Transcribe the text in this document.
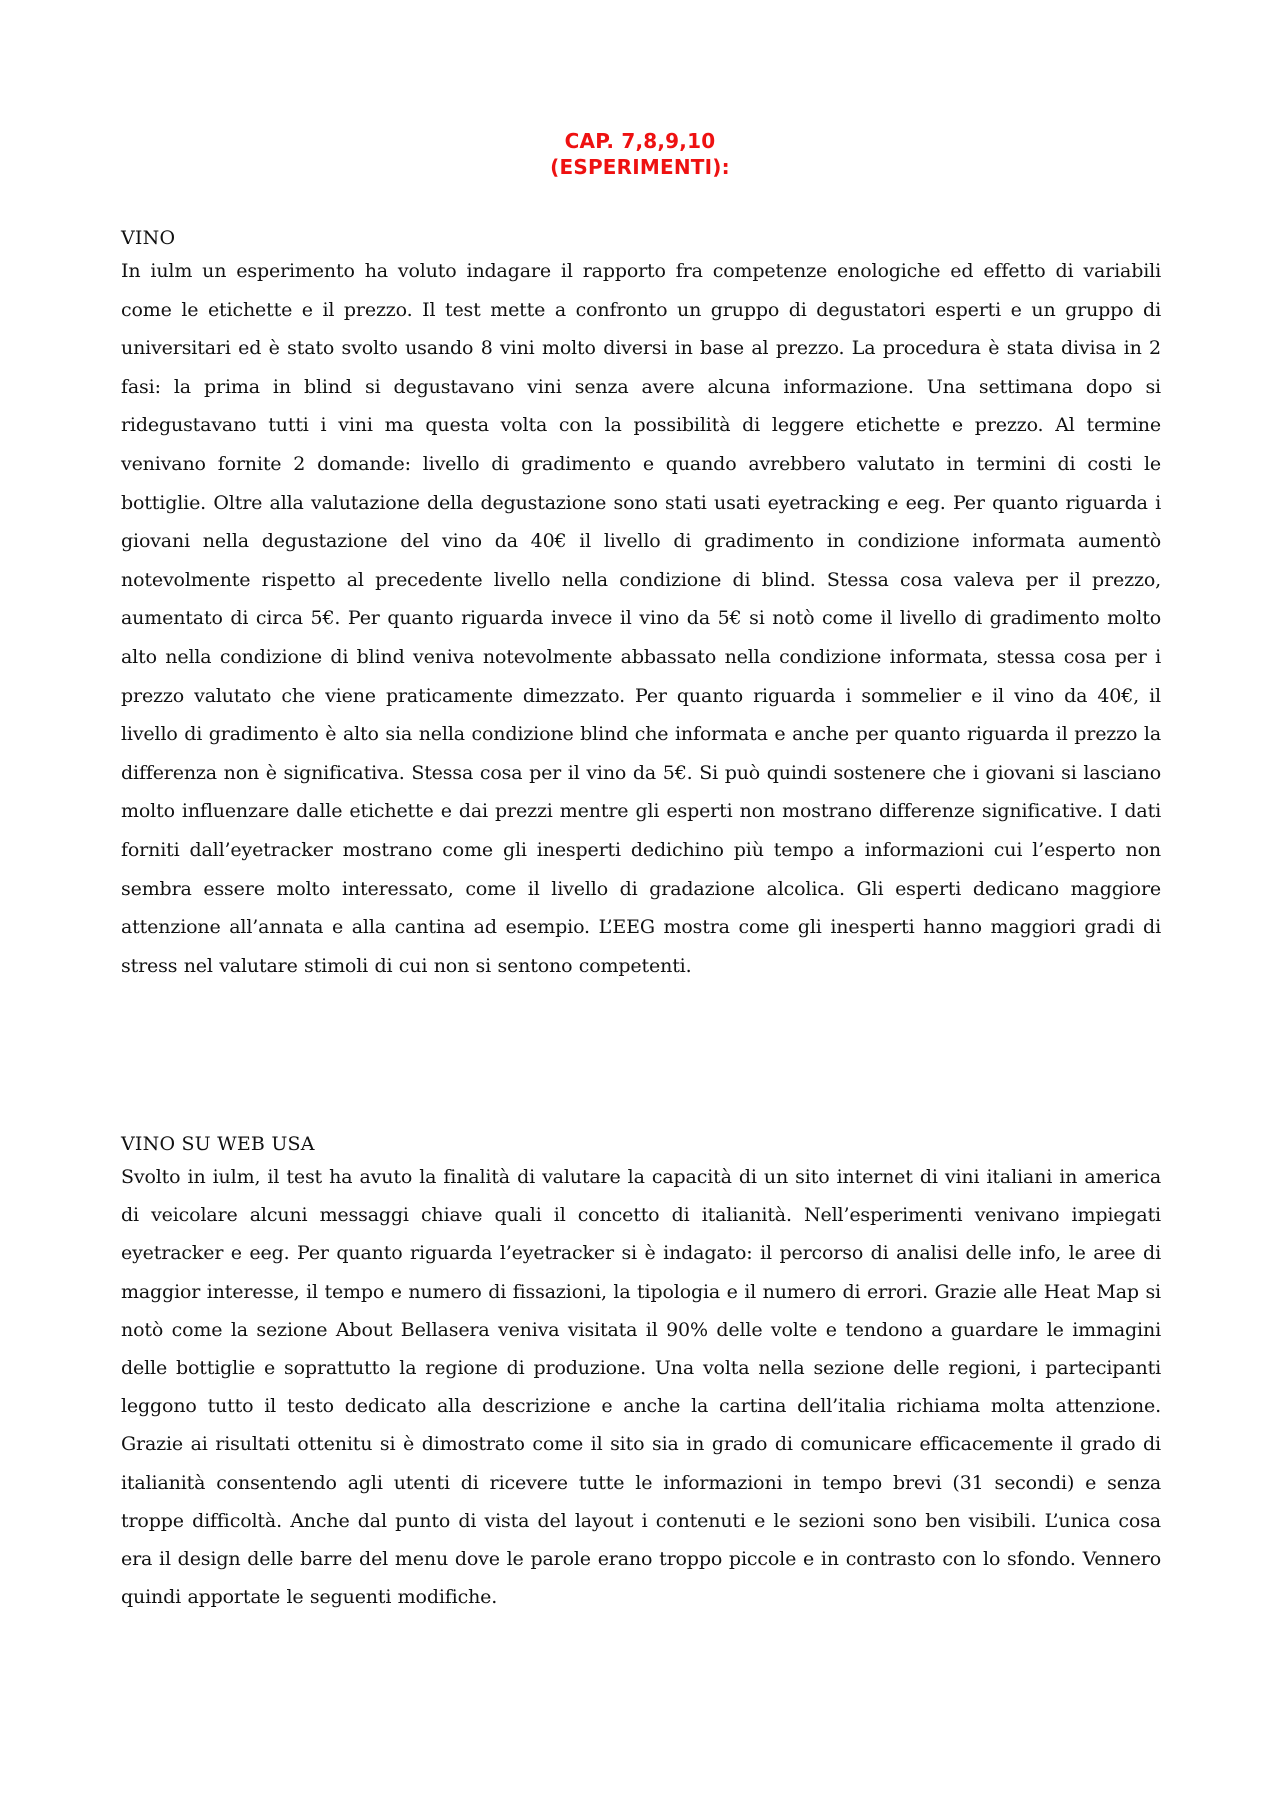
CAP. 7,8,9,10
(ESPERIMENTI):
VINO

In iulm un esperimento ha voluto indagare il rapporto fra competenze enologiche ed effetto di variabili come le etichette e il prezzo. Il test mette a confronto un gruppo di degustatori esperti e un gruppo di universitari ed è stato svolto usando 8 vini molto diversi in base al prezzo. La procedura è stata divisa in 2 fasi: la prima in blind si degustavano vini senza avere alcuna informazione. Una settimana dopo si ridegustavano tutti i vini ma questa volta con la possibilità di leggere etichette e prezzo. Al termine venivano fornite 2 domande: livello di gradimento e quando avrebbero valutato in termini di costi le bottiglie. Oltre alla valutazione della degustazione sono stati usati eyetracking e eeg. Per quanto riguarda i giovani nella degustazione del vino da 40€ il livello di gradimento in condizione informata aumentò notevolmente rispetto al precedente livello nella condizione di blind. Stessa cosa valeva per il prezzo, aumentato di circa 5€. Per quanto riguarda invece il vino da 5€ si notò come il livello di gradimento molto alto nella condizione di blind veniva notevolmente abbassato nella condizione informata, stessa cosa per i prezzo valutato che viene praticamente dimezzato. Per quanto riguarda i sommelier e il vino da 40€, il livello di gradimento è alto sia nella condizione blind che informata e anche per quanto riguarda il prezzo la differenza non è significativa. Stessa cosa per il vino da 5€. Si può quindi sostenere che i giovani si lasciano molto influenzare dalle etichette e dai prezzi mentre gli esperti non mostrano differenze significative. I dati forniti dall’eyetracker mostrano come gli inesperti dedichino più tempo a informazioni cui l’esperto non sembra essere molto interessato, come il livello di gradazione alcolica. Gli esperti dedicano maggiore attenzione all’annata e alla cantina ad esempio. L’EEG mostra come gli inesperti hanno maggiori gradi di stress nel valutare stimoli di cui non si sentono competenti.

VINO SU WEB USA

Svolto in iulm, il test ha avuto la finalità di valutare la capacità di un sito internet di vini italiani in america di veicolare alcuni messaggi chiave quali il concetto di italianità. Nell’esperimenti venivano impiegati eyetracker e eeg. Per quanto riguarda l’eyetracker si è indagato: il percorso di analisi delle info, le aree di maggior interesse, il tempo e numero di fissazioni, la tipologia e il numero di errori. Grazie alle Heat Map si notò come la sezione About Bellasera veniva visitata il 90% delle volte e tendono a guardare le immagini delle bottiglie e soprattutto la regione di produzione. Una volta nella sezione delle regioni, i partecipanti leggono tutto il testo dedicato alla descrizione e anche la cartina dell’italia richiama molta attenzione. Grazie ai risultati ottenitu si è dimostrato come il sito sia in grado di comunicare efficacemente il grado di italianità consentendo agli utenti di ricevere tutte le informazioni in tempo brevi (31 secondi) e senza troppe difficoltà. Anche dal punto di vista del layout i contenuti e le sezioni sono ben visibili. L’unica cosa era il design delle barre del menu dove le parole erano troppo piccole e in contrasto con lo sfondo. Vennero quindi apportate le seguenti modifiche.
